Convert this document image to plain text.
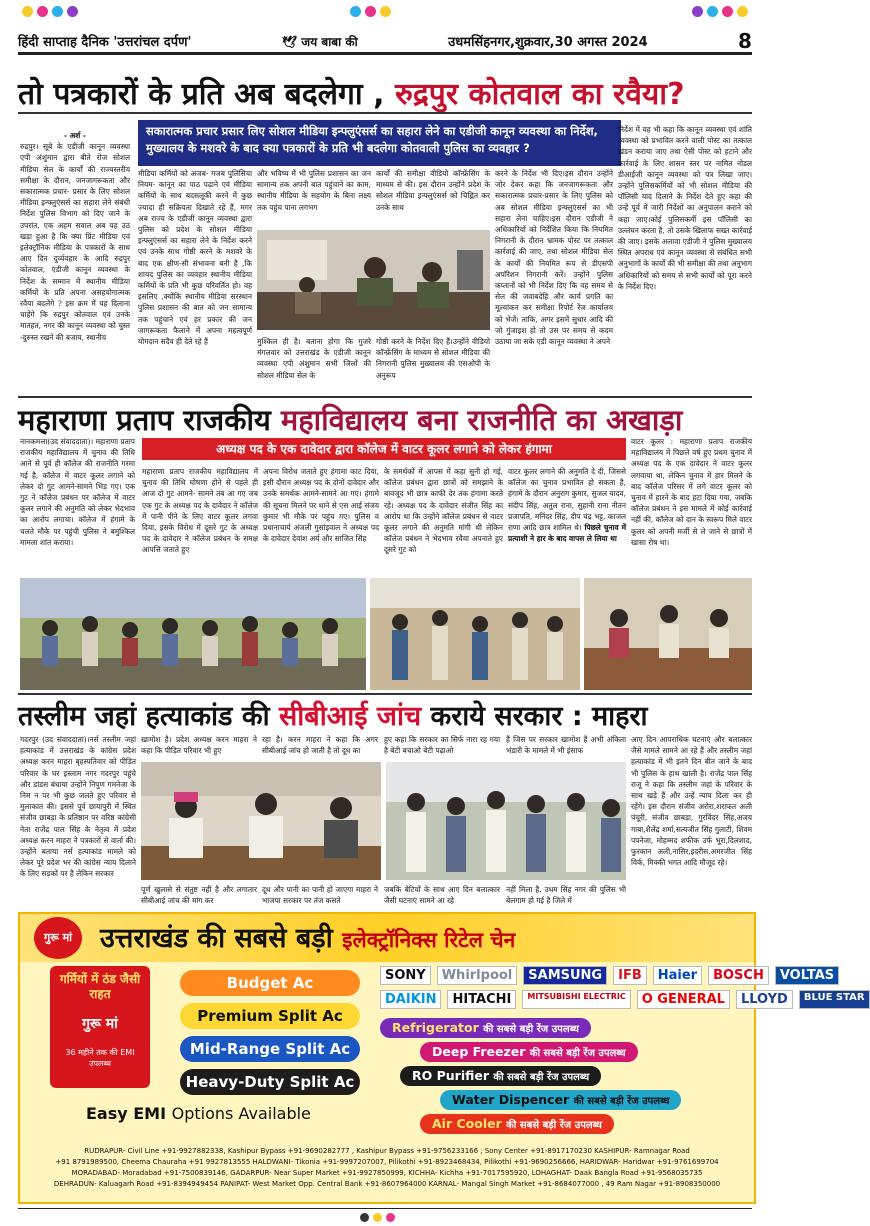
हिंदी साप्ताह दैनिक 'उत्तरांचल दर्पण'	🕊 जय बाबा की	उधमसिंहनगर,शुक्रवार,30 अगस्त 2024	8
तो पत्रकारों के प्रति अब बदलेगा , रुद्रपुर कोतवाल का रवैया?
- अर्श -
रुद्रपुर। सूबे के एडीजी कानून व्यवस्था एपी अंशुमान द्वारा बीते रोज सोशल मीडिया सेल के कार्यों की राज्यस्तरीय समीक्षा के दौरान, जनजागरूकता और सकारात्मक प्रचार- प्रसार के लिए सोशल मीडिया इन्फ्लुएंसर्स का सहारा लेने संबंधी निर्देश पुलिस विभाग को दिए जाने के उपरांत, एक अहम सवाल अब यह उठ खड़ा हुआ है कि क्या प्रिंट मीडिया एवं इलेक्ट्रॉनिक मीडिया के पत्रकारों के साथ आए दिन दुर्व्यवहार के आदि रुद्रपुर कोतवाल, एडीजी कानून व्यवस्था के निर्देश के सम्मान में स्थानीय मीडिया कर्मियों के प्रति अपना असहयोगात्मक रवैया बदलेंगे ? इस क्रम में यह दिलाना चाहेंगे कि रुद्रपुर कोतवाल एवं उनके मातहत, नगर की कानून व्यवस्था को चुस्त -दुरुस्त रखने की बजाय, स्थानीय
सकारात्मक प्रचार प्रसार लिए सोशल मीडिया इन्फ्लुएंसर्स का सहारा लेने का एडीजी कानून व्यवस्था का निर्देश, मुख्यालय के मशवरे के बाद क्या पत्रकारों के प्रति भी बदलेगा कोतवाली पुलिस का व्यवहार ?
मीडिया कर्मियों को अजब- गजब पुलिसिया नियम- कानून का पाठ पढ़ाने एवं मीडिया कर्मियों के साथ बदसलूकी करने में कुछ ज्यादा ही सक्रियता दिखाते रहे हैं, मगर अब राज्य के एडीजी कानून व्यवस्था द्वारा पुलिस को प्रदेश के सोशल मीडिया इन्फ्लुएंसर्स का सहारा लेने के निर्देश करने एवं उनके साथ गोष्ठी करने के मशवरे के बाद एक क्षीण-सी संभावना बनी है ,कि शायद पुलिस का व्यवहार स्थानीय मीडिया कर्मियों के प्रति भी कुछ परिवर्तित हो। वह इसलिए ,क्योंकि स्थानीय मीडिया सरस्थान पुलिस प्रशासन की बात को जन सामान्य तक पहुंचाने एवं हर प्रकार की जन जागरूकता फैलाने में अपना महत्वपूर्ण योगदान सदैव ही देते रहे हैं
और भविष्य में भी पुलिस प्रशासन का जन सामान्य तक अपनी बात पहुंचाने का काम, स्थानीय मीडिया के सहयोग के बिना लक्ष्य तक पहुंच पाना लगभग
कार्यों की समीक्षा वीडियो कॉन्फ्रेंसिंग के माध्यम से की। इस दौरान उन्होंने प्रदेश के सोशल मीडिया इन्फ्लुएंसर्स को चिह्नित कर उनके साथ
मुश्किल ही है। बताना होगा कि गुजरे मंगलवार को उत्तराखंड के एडीजी कानून व्यवस्था एपी अंशुमान सभी जिलों की सोशल मीडिया सेल के
गोष्ठी करने के निर्देश दिए हैं।उन्होंने वीडियो कॉन्फ्रेंसिंग के माध्यम से सोशल मीडिया की निगरानी पुलिस मुख्यालय की एसओपी के अनुरूप
करने के निर्देश भी दिए।इस दौरान उन्होंने जोर देकर कहा कि जनजागरूकता और सकारात्मक प्रचार-प्रसार के लिए पुलिस को अब सोशल मीडिया इन्फ्लुएंसर्स का भी सहारा लेना चाहिए।इस दौरान एडीजी ने अधिकारियों को निर्देशित किया कि नियमित निगरानी के दौरान भ्रामक पोस्ट पर तत्काल कार्रवाई की जाए, तथा सोशल मीडिया सेल के कार्यों की नियमित रूप से डीएसपी अपॉरेशन निगरानी करें। उन्होंने पुलिस कप्तानों को भी निर्देश दिए कि वह समय से सेल की जवाबदेहि और कार्य प्रगति का मूल्यांकन कर समीक्षा रिपोर्ट रेंज कार्यालय को भेजें। ताकि, अगर इसमें सुधार आदि की जो गुंजाइश हो तो उस पर समय से कदम उठाया जा सके एडी कानून व्यवस्था ने अपने
निर्देश में यह भी कहा कि कानून व्यवस्था एवं शांति व्यवस्था को प्रभावित करने वाली पोस्ट का तत्काल खंडन कराया जाए तथा ऐसी पोस्ट को हटाने और कार्रवाई के लिए शासन स्तर पर नामित नोडल डीआईजी कानून व्यवस्था को पत्र लिखा जाए।उन्होंने पुलिसकर्मियों को भी सोशल मीडिया की पॉलिसी याद दिलाने के निर्देश देते हुए कहा की उन्हें पूर्व में जारी निर्देशों का अनुपालन कराने को कहा जाए।कोई पुलिसकर्मी इस पॉलिसी का उल्लंघन करता है, तो उसके खिलाफ सख्त कार्रवाई की जाए। इसके अलावा एडीजी ने पुलिस मुख्यालय स्थित अपराध एवं कानून व्यवस्था से संबंधित सभी अनुभागों के कार्यों की भी समीक्षा की तथा अनुभाग अधिकारियों को समय से सभी कार्यों को पूरा करने के निर्देश दिए।
महाराणा प्रताप राजकीय महाविद्यालय बना राजनीति का अखाड़ा
नानकमत्ता(उद संवाददाता)। महाराणा प्रताप राजकीय महाविद्यालय में चुनाव की तिथि आने से पूर्व ही कॉलेज की राजनीति गरमा गई है, कॉलेज में वाटर कूलर लगाने को लेकर दो गुट आमने-सामने भिड़ गए। एक गुट ने कॉलेज प्रबंधन पर कॉलेज में वाटर कूलर लगाने की अनुमति को लेकर भेदभाव का आरोप लगाया। कॉलेज में हंगामे के चलते मौके पर पहुंची पुलिस ने बमुश्किल मामला शांत कराया।
अध्यक्ष पद के एक दावेदार द्वारा कॉलेज में वाटर कूलर लगाने को लेकर हंगामा
महाराणा प्रताप राजकीय महाविद्यालय में चुनाव की तिथि घोषणा होने से पहले ही आज दो गुट आमने- सामने तब आ गए जब एक गुट के अध्यक्ष पद के दावेदार ने कॉलेज में पानी पीने के लिए वाटर कूलर लगवा दिया, इसके विरोध में दूसरे गुट के अध्यक्ष पद के दावेदार ने कॉलेज प्रबंधन के समक्ष आपत्ति जताते हुए
अपना विरोध जताते हुए हंगामा काट दिया, इसी दौरान अध्यक्ष पद के दोनों दावेदार और उनके समर्थक आमने-सामने आ गए। हंगामे की सूचना मिलने पर थाने से एस आई संजय कुमार भी मौके पर पहुंच गए। पुलिस व प्रधानाचार्य अंजली गुसांइवाल ने अध्यक्ष पद के दावेदार देवांश अर्य और साजित सिंह
के समर्थकों में आपस में कहा सुनी हो गई, कॉलेज प्रबंधन द्वारा छात्रों को समझाने के बावजूद भी छात्र काफी देर तक हंगामा करते रहे। अध्यक्ष पद के दावेदार संजीत सिंह का आरोप था कि उन्होंने कॉलेज प्रबंधन से वाटर कूलर लगाने की अनुमति मांगी थी लेकिन कॉलेज प्रबंधन ने भेदभाव रवैया अपनाते हुए दूसरे गुट को
वाटर कूलर लगाने की अनुमति दे दी, जिससे कॉलेज का चुनाव प्रभावित हो सकता है, हंगामे के दौरान अनुराग कुमार, सुजल यादव, संदीप सिंह, अतुल राना, सुहानी राना नीतन प्रजापति, मनिंदर सिंह, दीप चंद्र भट्ट, काजल राणा आदि छात्र शामिल थे। पिछले चुनाव में प्रत्याशी ने हार के बाद वापस ले लिया था
वाटर कूलर : महाराणा प्रताप राजकीय महाविद्यालय में पिछले वर्ष हुए प्रथम चुनाव में अध्यक्ष पद के एक दावेदार ने वाटर कूलर लगवाया था, लेकिन चुनाव में हार मिलने के बाद कॉलेज परिसर में लगे वाटर कूलर को चुनाव में हारने के बाद हटा दिया गया, जबकि कॉलेज प्रबंधन ने इस मामले में कोई कार्रवाई नहीं की, कॉलेज को दान के स्वरूप मिले वाटर कूलर को अपनी मर्जी से ले जाने से छात्रों में खासा रोष था।
तस्लीम जहां हत्याकांड की सीबीआई जांच कराये सरकार : माहरा
गदरपुर (उद संवाददाता)।नर्स तस्लीम जहां हत्याकांड में उत्तराखंड के कांग्रेस प्रदेश अध्यक्ष करन माहरा बृहस्पतिवार को पीड़ित परिवार के घर इस्लाम नगर गदरपुर पहुंचे और डांडस बंधाया उन्होंने निपुण गमनेजा के निम न पर भी कुछ जलते हुए परिवार से मुलाकात की। इससे पूर्व छायापुरी में स्थित संजीव छाबड़ा के प्रतिष्ठान पर वरिष्ठ कांग्रेसी नेता राजेंद्र पाल सिंह के नेतृत्व में प्रदेश अध्यक्ष करन माहरा ने पत्रकारों से वार्ता की। उन्होंने बताया नर्स हत्याकांड मामले को लेकर पूरे प्रदेश भर की कांग्रेस न्याय दिलाने के लिए सड़कों पर है लेकिन सरकार
खामोश है। प्रदेश अध्यक्ष करन माहरा ने कहा कि पीड़ित परिवार भी हुए
रहा है। करन माहरा ने कहा कि अगर सीबीआई जांच हो जाती है तो दूध का
हुए कहा कि सरकार का सिर्फ नारा रह गया है बेटी बचाओ बेटी पढ़ाओ
हैं जिस पर सरकार खामोश है अभी अंकिता भंडारी के मामले में भी इंसाफ
पूर्ण खुलासे से संतुष्ट नहीं है और लगातार सीबीआई जांच की मांग कर
दूध और पानी का पानी हो जाएगा माहरा ने भाजपा सरकार पर तंज कसते
जबकि बेटियों के साथ आए दिन बलात्कार जैसी घटनाएं सामने आ रहे
नहीं मिला है, उधम सिंह नगर की पुलिस भी बेलगाम हो गई है जिले में
आए दिन आपराधिक घटनाएं और बलात्कार जैसे मामले सामने आ रहे हैं और तस्लीम जहां हत्याकांड में भी इतने दिन बीत जाने के बाद भी पुलिस के हाथ खाली है। राजेंद्र पाल सिंह राजू ने कहा कि तस्लीम जहां के परिवार के साथ खड़े हैं और उन्हें न्याय दिला कर ही रहेंगे। इस दौरान संजीव अरोरा,शराफत अली पंचूरी, संजीव छाबड़ा, गुरविंदर सिंह,अजय गाबा,शैलेंद्र शर्मा,सत्यजीत सिंह गुलाटी, शिवम पपनेजा, मोहम्मद शफीक उर्फ भूरा,दिलशाद, फुरकान अली,नासिर,इदरीस,अमरजीत सिंह विर्क, मिक्की भगत आदि मौजूद रहे।
गुरू मां	उत्तराखंड की सबसे बड़ी इलेक्ट्रॉनिक्स रिटेल चेन
गर्मियों में ठंड जैसी राहत
गुरू मां
36 महीने तक की EMI उपलब्ध
Budget Ac
Premium Split Ac
Mid-Range Split Ac
Heavy-Duty Split Ac
Easy EMI Options Available
SONY	Whirlpool	SAMSUNG	IFB	Haier	BOSCH	VOLTAS
DAIKIN	HITACHI	MITSUBISHI ELECTRIC	O GENERAL	LLOYD	BLUE STAR
Refrigerator की सबसे बड़ी रेंज उपलब्ध
Deep Freezer की सबसे बड़ी रेंज उपलब्ध
RO Purifier की सबसे बड़ी रेंज उपलब्ध
Water Dispencer की सबसे बड़ी रेंज उपलब्ध
Air Cooler की सबसे बड़ी रेंज उपलब्ध
RUDRAPUR- Civil Line +91-9927882338, Kashipur Bypass +91-9690282777 , Kashipur Bypass +91-9756233166 , Sony Center +91-8917170230 KASHIPUR- Ramnagar Road
+91 8791989500, Cheema Chauraha +91 9927813555 HALDWANI- Tikonia +91-9997207007, Pilikothi +91-8923468434, Pilikothi +91-9690256666, HARIDWAR- Haridwar +91-9761699704
MORADABAD- Moradabad +91-7500839146, GADARPUR- Near Super Market +91-9927850999, KICHHA- Kichha +91-7017595920, LOHAGHAT- Daak Bangla Road +91-9568035735
DEHRADUN- Kaluagarh Road +91-8394949454 PANIPAT- West Market Opp. Central Bank +91-8607964000 KARNAL- Mangal Singh Market +91-8684077000 , 49 Ram Nagar +91-8908350000
